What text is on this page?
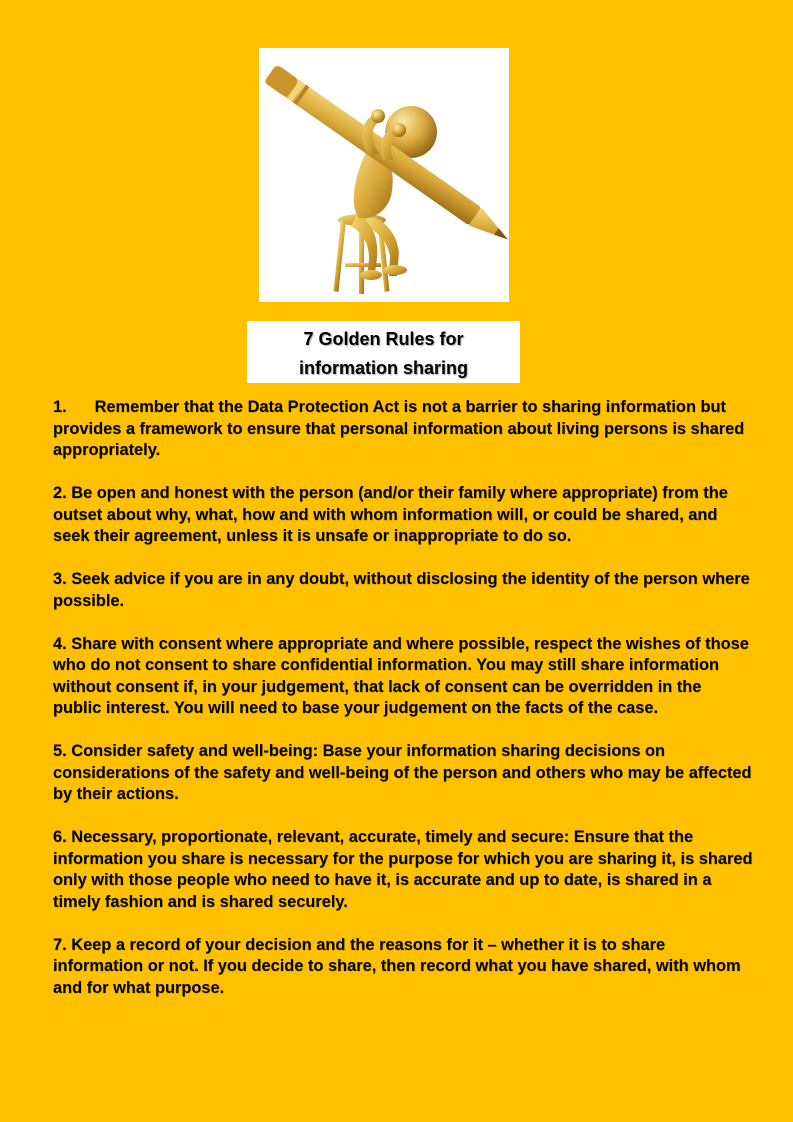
7 Golden Rules for
information sharing

1. Remember that the Data Protection Act is not a barrier to sharing information but provides a framework to ensure that personal information about living persons is shared appropriately.

2. Be open and honest with the person (and/or their family where appropriate) from the outset about why, what, how and with whom information will, or could be shared, and seek their agreement, unless it is unsafe or inappropriate to do so.

3. Seek advice if you are in any doubt, without disclosing the identity of the person where possible.

4. Share with consent where appropriate and where possible, respect the wishes of those who do not consent to share confidential information. You may still share information without consent if, in your judgement, that lack of consent can be overridden in the public interest. You will need to base your judgement on the facts of the case.

5. Consider safety and well-being: Base your information sharing decisions on considerations of the safety and well-being of the person and others who may be affected by their actions.

6. Necessary, proportionate, relevant, accurate, timely and secure: Ensure that the information you share is necessary for the purpose for which you are sharing it, is shared only with those people who need to have it, is accurate and up to date, is shared in a timely fashion and is shared securely.

7. Keep a record of your decision and the reasons for it – whether it is to share information or not. If you decide to share, then record what you have shared, with whom and for what purpose.
